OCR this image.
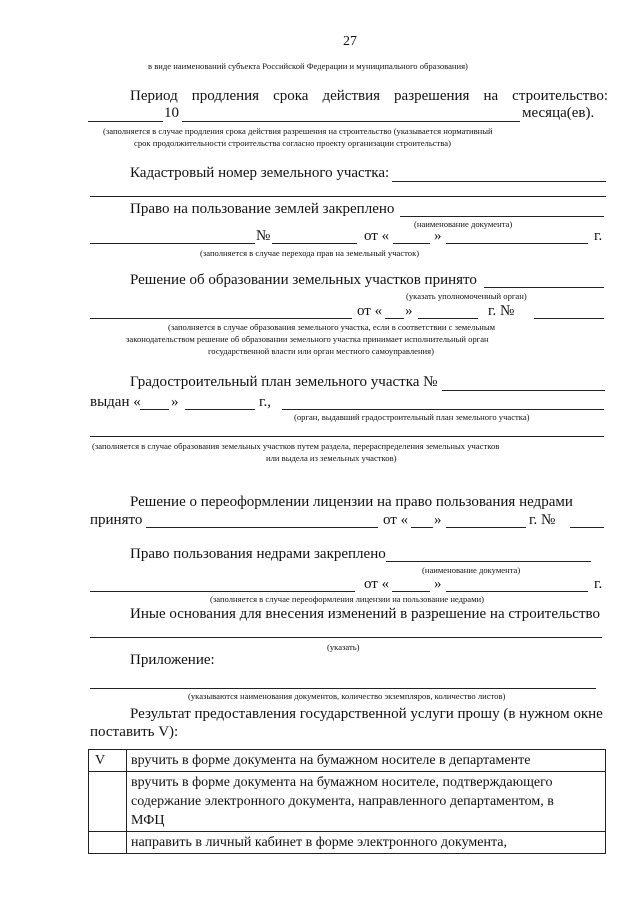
27
в виде наименований субъекта Российской Федерации и муниципального образования)
Период продления срока действия разрешения на строительство:
10	месяца(ев).
(заполняется в случае продления срока действия разрешения на строительство (указывается нормативный
срок продолжительности строительства согласно проекту организации строительства)
Кадастровый номер земельного участка:
Право на пользование землей закреплено
(наименование документа)
№	от «	»	г.
(заполняется в случае перехода прав на земельный участок)
Решение об образовании земельных участков принято
(указать уполномоченный орган)
от « »	г. №
(заполняется в случае образования земельного участка, если в соответствии с земельным
законодательством решение об образовании земельного участка принимает исполнительный орган
государственной власти или орган местного самоуправления)
Градостроительный план земельного участка №
выдан « »	г.,
(орган, выдавший градостроительный план земельного участка)
(заполняется в случае образования земельных участков путем раздела, перераспределения земельных участков
или выдела из земельных участков)
Решение о переоформлении лицензии на право пользования недрами
принято	от « »	г. №
Право пользования недрами закреплено
(наименование документа)
от «	»	г.
(заполняется в случае переоформления лицензии на пользование недрами)
Иные основания для внесения изменений в разрешение на строительство
(указать)
Приложение:
(указываются наименования документов, количество экземпляров, количество листов)
Результат предоставления государственной услуги прошу (в нужном окне
поставить V):
V	вручить в форме документа на бумажном носителе в департаменте

	вручить в форме документа на бумажном носителе, подтверждающего
содержание электронного документа, направленного департаментом, в
МФЦ

	направить в личный кабинет в форме электронного документа,
